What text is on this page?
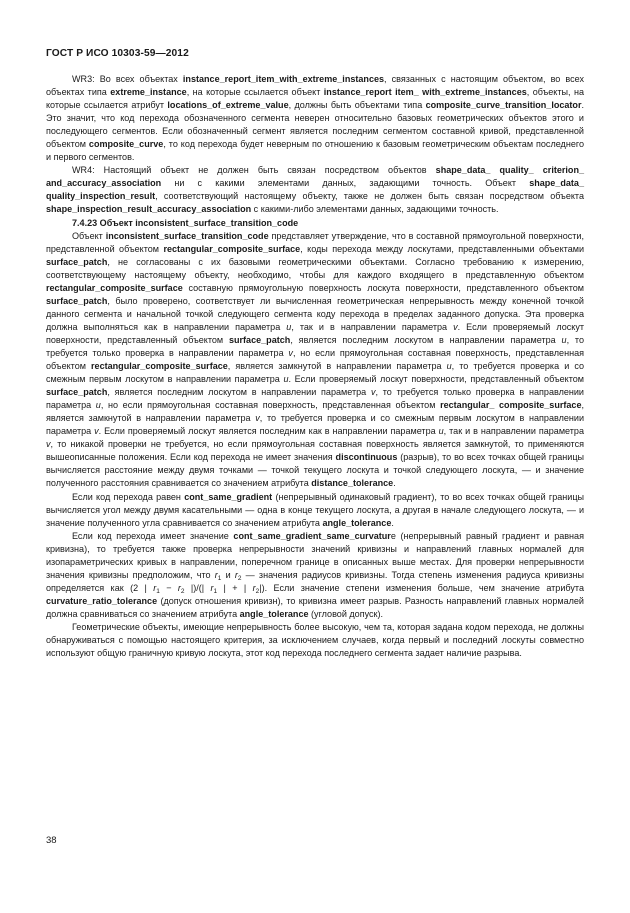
ГОСТ Р ИСО 10303-59—2012

WR3: Во всех объектах instance_report_item_with_extreme_instances, связанных с настоящим объектом, во всех объектах типа extreme_instance, на которые ссылается объект instance_report item_ with_extreme_instances, объекты, на которые ссылается атрибут locations_of_extreme_value, должны быть объектами типа composite_curve_transition_locator. Это значит, что код перехода обозначенного сегмента неверен относительно базовых геометрических объектов этого и последующего сегментов. Если обозначенный сегмент является последним сегментом составной кривой, представленной объектом composite_curve, то код перехода будет неверным по отношению к базовым геометрическим объектам последнего и первого сегментов.

WR4: Настоящий объект не должен быть связан посредством объектов shape_data_ quality_ criterion_ and_accuracy_association ни с какими элементами данных, задающими точность. Объект shape_data_ quality_inspection_result, соответствующий настоящему объекту, также не должен быть связан посредством объекта shape_inspection_result_accuracy_association с какими-либо элементами данных, задающими точность.

7.4.23 Объект inconsistent_surface_transition_code

Объект inconsistent_surface_transition_code представляет утверждение, что в составной прямоугольной поверхности, представленной объектом rectangular_composite_surface, коды перехода между лоскутами, представленными объектами surface_patch, не согласованы с их базовыми геометрическими объектами. Согласно требованию к измерению, соответствующему настоящему объекту, необходимо, чтобы для каждого входящего в представленную объектом rectangular_composite_surface составную прямоугольную поверхность лоскута поверхности, представленного объектом surface_patch, было проверено, соответствует ли вычисленная геометрическая непрерывность между конечной точкой данного сегмента и начальной точкой следующего сегмента коду перехода в пределах заданного допуска. Эта проверка должна выполняться как в направлении параметра u, так и в направлении параметра v. Если проверяемый лоскут поверхности, представленный объектом surface_patch, является последним лоскутом в направлении параметра u, то требуется только проверка в направлении параметра v, но если прямоугольная составная поверхность, представленная объектом rectangular_composite_surface, является замкнутой в направлении параметра u, то требуется проверка и со смежным первым лоскутом в направлении параметра u. Если проверяемый лоскут поверхности, представленный объектом surface_patch, является последним лоскутом в направлении параметра v, то требуется только проверка в направлении параметра u, но если прямоугольная составная поверхность, представленная объектом rectangular_ composite_surface, является замкнутой в направлении параметра v, то требуется проверка и со смежным первым лоскутом в направлении параметра v. Если проверяемый лоскут является последним как в направлении параметра u, так и в направлении параметра v, то никакой проверки не требуется, но если прямоугольная составная поверхность является замкнутой, то применяются вышеописанные положения. Если код перехода не имеет значения discontinuous (разрыв), то во всех точках общей границы вычисляется расстояние между двумя точками — точкой текущего лоскута и точкой следующего лоскута, — и значение полученного расстояния сравнивается со значением атрибута distance_tolerance.

Если код перехода равен cont_same_gradient (непрерывный одинаковый градиент), то во всех точках общей границы вычисляется угол между двумя касательными — одна в конце текущего лоскута, а другая в начале следующего лоскута, — и значение полученного угла сравнивается со значением атрибута angle_tolerance.

Если код перехода имеет значение cont_same_gradient_same_curvature (непрерывный равный градиент и равная кривизна), то требуется также проверка непрерывности значений кривизны и направлений главных нормалей для изопараметрических кривых в направлении, поперечном границе в описанных выше местах. Для проверки непрерывности значения кривизны предположим, что $r_1$ и $r_2$ — значения радиусов кривизны. Тогда степень изменения радиуса кривизны определяется как (2 | $r_1 - r_2$ |)/(| $r_1$ | + | $r_2|$). Если значение степени изменения больше, чем значение атрибута curvature_ratio_tolerance (допуск отношения кривизн), то кривизна имеет разрыв. Разность направлений главных нормалей должна сравниваться со значением атрибута angle_tolerance (угловой допуск).

Геометрические объекты, имеющие непрерывность более высокую, чем та, которая задана кодом перехода, не должны обнаруживаться с помощью настоящего критерия, за исключением случаев, когда первый и последний лоскуты совместно используют общую граничную кривую лоскута, этот код перехода последнего сегмента задает наличие разрыва.

38
